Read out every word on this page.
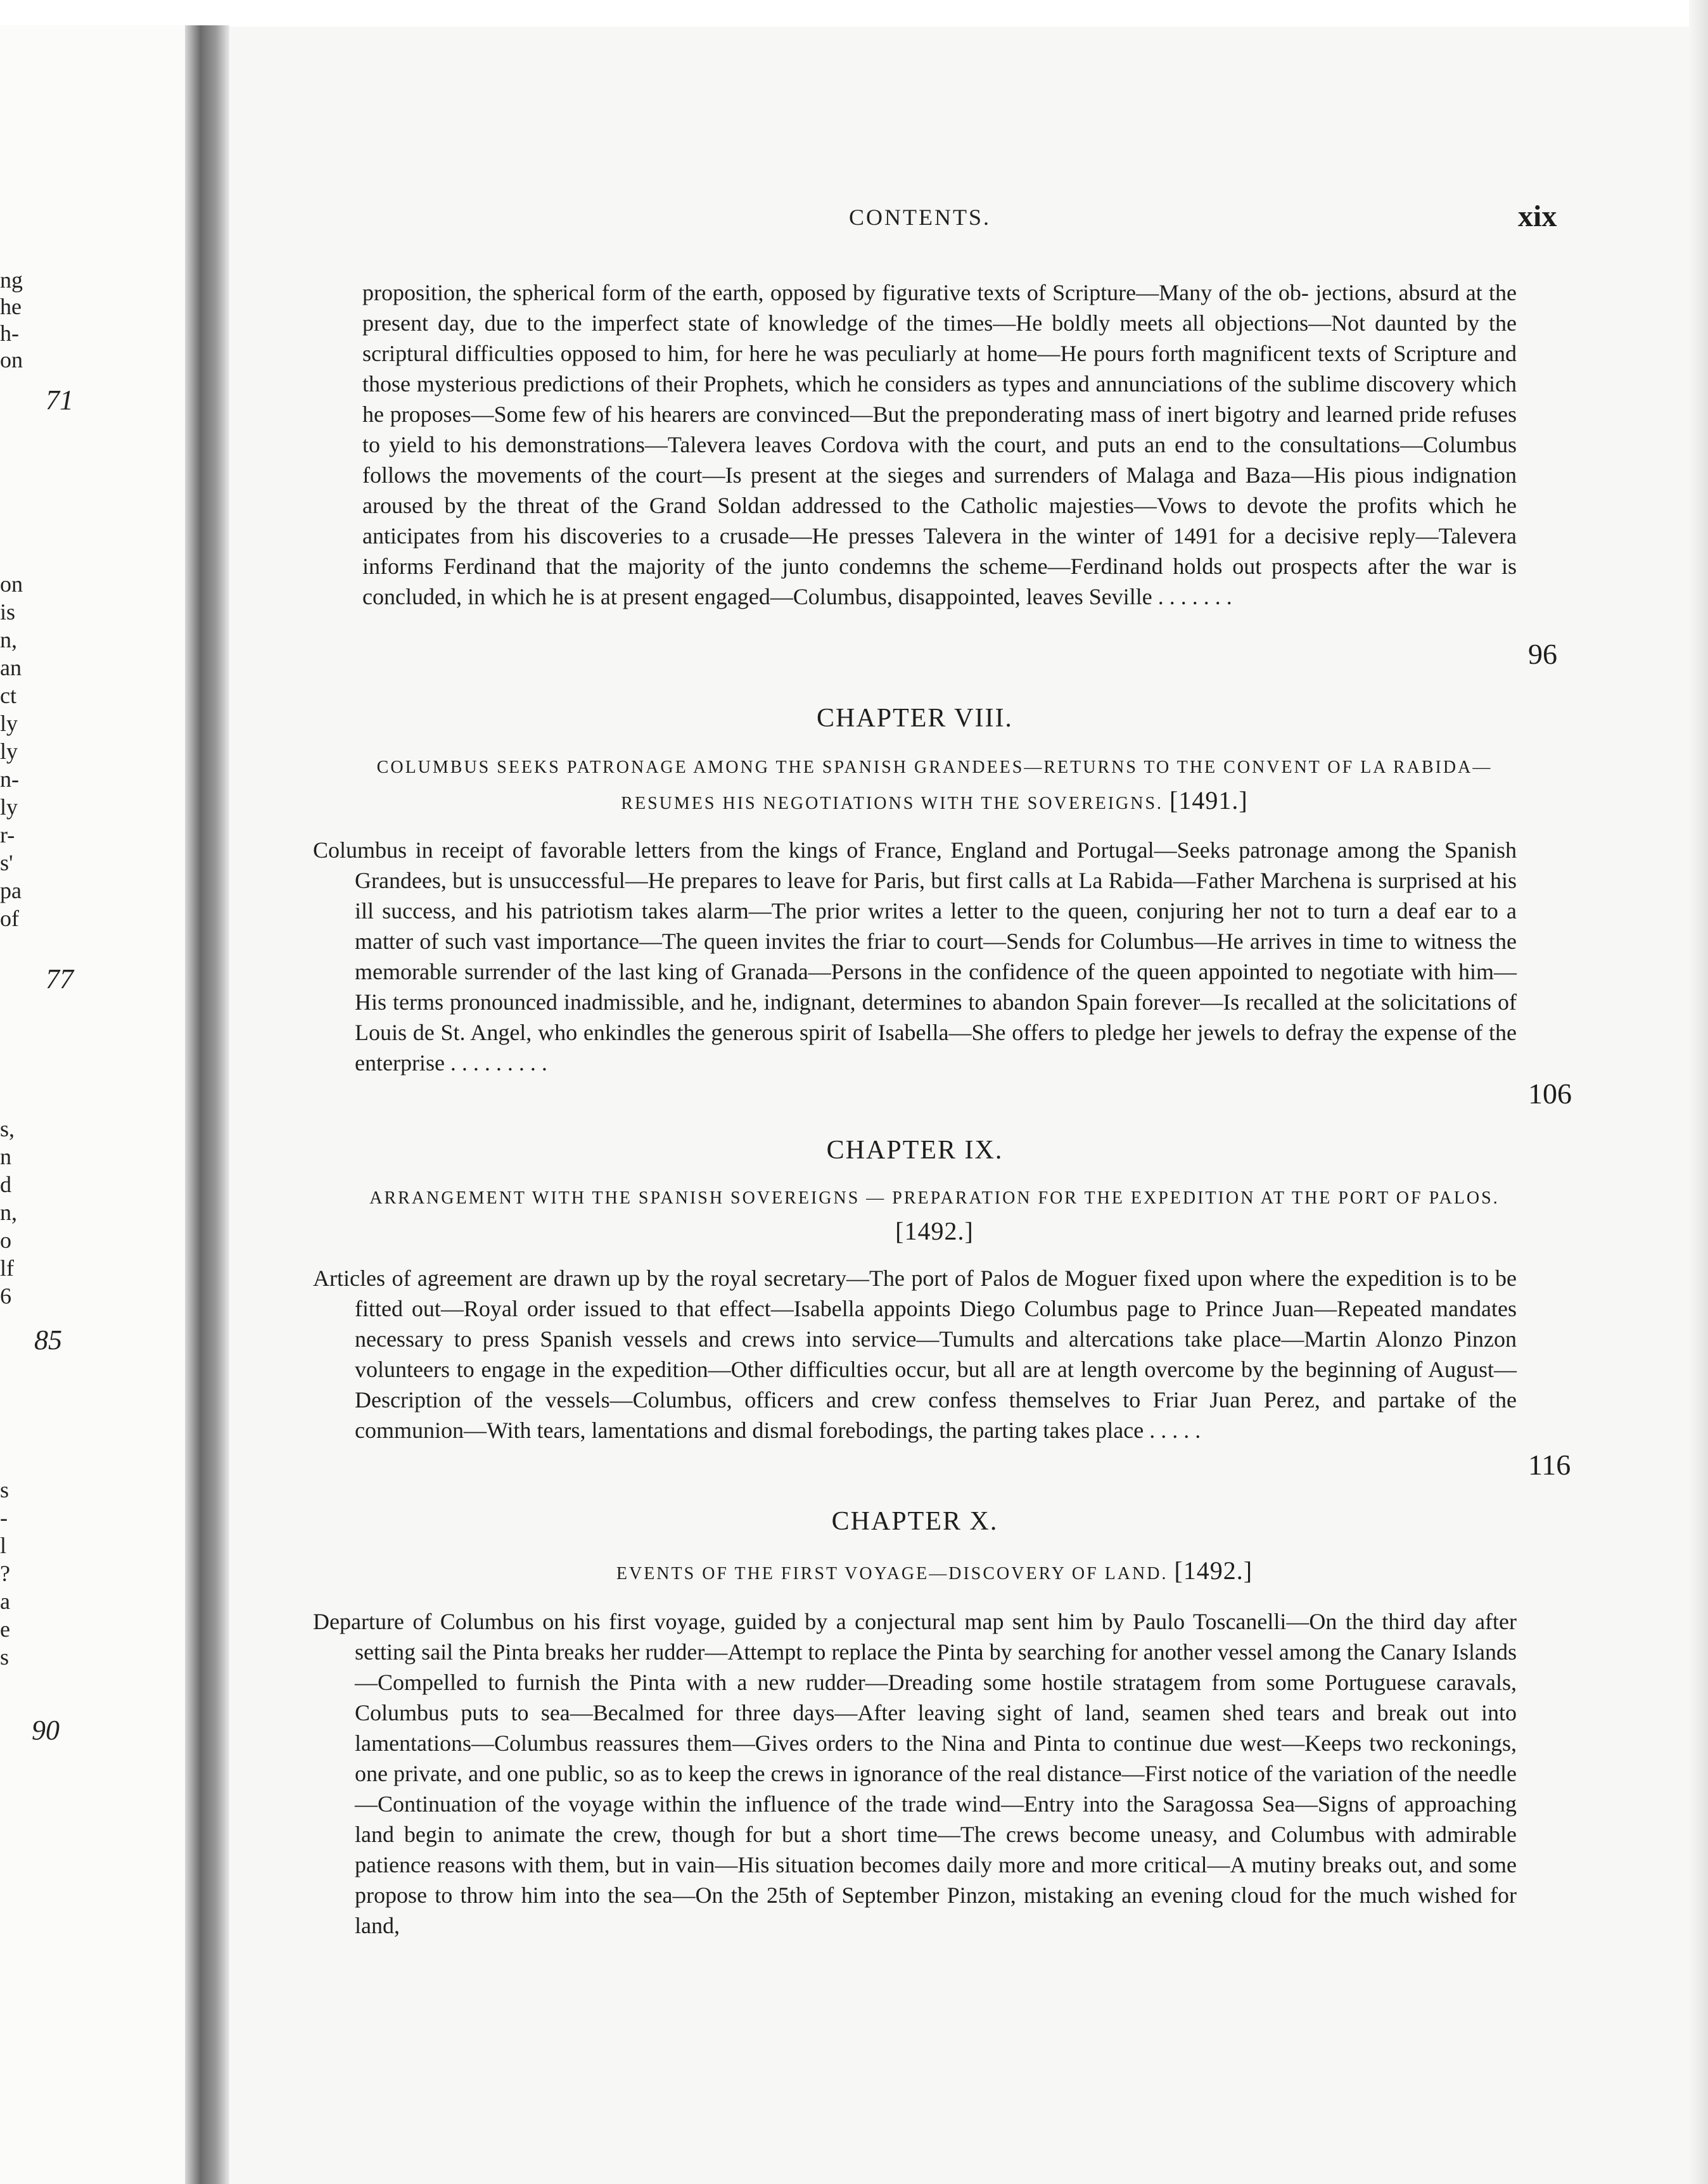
ng
he
h-
on
on
is
n,
an
ct
ly
ly
n-
ly
r-
s'
pa
of
s,
n
d
n,
o
lf
6
s
-
l
?
a
e
s
71
77
85
90
CONTENTS.	xix
proposition, the spherical form of the earth, opposed by figurative texts of Scripture—Many of the ob- jections, absurd at the present day, due to the imperfect state of knowledge of the times—He boldly meets all objections—Not daunted by the scriptural difficulties opposed to him, for here he was peculiarly at home—He pours forth magnificent texts of Scripture and those mysterious predictions of their Prophets, which he considers as types and annunciations of the sublime discovery which he proposes—Some few of his hearers are convinced—But the preponderating mass of inert bigotry and learned pride refuses to yield to his demonstrations—Talevera leaves Cordova with the court, and puts an end to the consultations—Columbus follows the movements of the court—Is present at the sieges and surrenders of Malaga and Baza—His pious indignation aroused by the threat of the Grand Soldan addressed to the Catholic majesties—Vows to devote the profits which he anticipates from his discoveries to a crusade—He presses Talevera in the winter of 1491 for a decisive reply—Talevera informs Ferdinand that the majority of the junto condemns the scheme—Ferdinand holds out prospects after the war is concluded, in which he is at present engaged—Columbus, disappointed, leaves Seville . . . . . . .
96
CHAPTER VIII.
COLUMBUS SEEKS PATRONAGE AMONG THE SPANISH GRANDEES—RETURNS TO THE CONVENT OF LA RABIDA—RESUMES HIS NEGOTIATIONS WITH THE SOVEREIGNS. [1491.]
Columbus in receipt of favorable letters from the kings of France, England and Portugal—Seeks patronage among the Spanish Grandees, but is unsuccessful—He prepares to leave for Paris, but first calls at La Rabida—Father Marchena is surprised at his ill success, and his patriotism takes alarm—The prior writes a letter to the queen, conjuring her not to turn a deaf ear to a matter of such vast importance—The queen invites the friar to court—Sends for Columbus—He arrives in time to witness the memorable surrender of the last king of Granada—Persons in the confidence of the queen appointed to negotiate with him—His terms pronounced inadmissible, and he, indignant, determines to abandon Spain forever—Is recalled at the solicitations of Louis de St. Angel, who enkindles the generous spirit of Isabella—She offers to pledge her jewels to defray the expense of the enterprise . . . . . . . . .
106
CHAPTER IX.
ARRANGEMENT WITH THE SPANISH SOVEREIGNS — PREPARATION FOR THE EXPEDITION AT THE PORT OF PALOS. [1492.]
Articles of agreement are drawn up by the royal secretary—The port of Palos de Moguer fixed upon where the expedition is to be fitted out—Royal order issued to that effect—Isabella appoints Diego Columbus page to Prince Juan—Repeated mandates necessary to press Spanish vessels and crews into service—Tumults and altercations take place—Martin Alonzo Pinzon volunteers to engage in the expedition—Other difficulties occur, but all are at length overcome by the beginning of August—Description of the vessels—Columbus, officers and crew confess themselves to Friar Juan Perez, and partake of the communion—With tears, lamentations and dismal forebodings, the parting takes place . . . . .
116
CHAPTER X.
EVENTS OF THE FIRST VOYAGE—DISCOVERY OF LAND. [1492.]
Departure of Columbus on his first voyage, guided by a conjectural map sent him by Paulo Toscanelli—On the third day after setting sail the Pinta breaks her rudder—Attempt to replace the Pinta by searching for another vessel among the Canary Islands—Compelled to furnish the Pinta with a new rudder—Dreading some hostile stratagem from some Portuguese caravals, Columbus puts to sea—Becalmed for three days—After leaving sight of land, seamen shed tears and break out into lamentations—Columbus reassures them—Gives orders to the Nina and Pinta to continue due west—Keeps two reckonings, one private, and one public, so as to keep the crews in ignorance of the real distance—First notice of the variation of the needle—Continuation of the voyage within the influence of the trade wind—Entry into the Saragossa Sea—Signs of approaching land begin to animate the crew, though for but a short time—The crews become uneasy, and Columbus with admirable patience reasons with them, but in vain—His situation becomes daily more and more critical—A mutiny breaks out, and some propose to throw him into the sea—On the 25th of September Pinzon, mistaking an evening cloud for the much wished for land,
